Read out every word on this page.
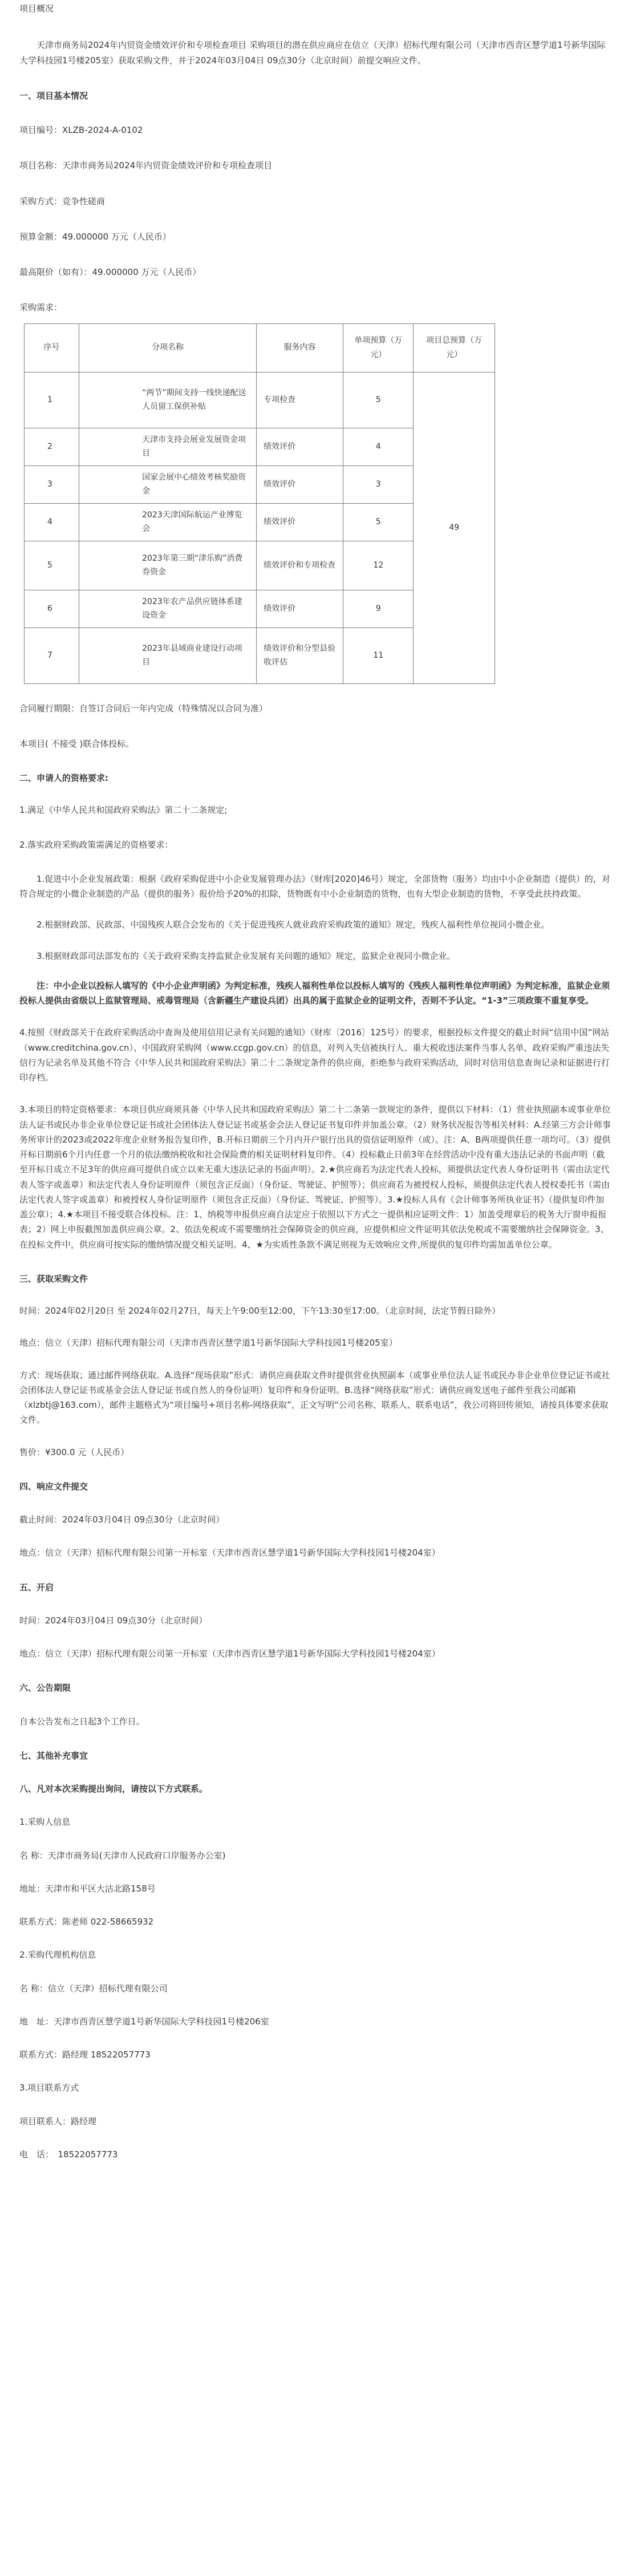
项目概况

天津市商务局2024年内贸资金绩效评价和专项检查项目 采购项目的潜在供应商应在信立（天津）招标代理有限公司（天津市西青区慧学道1号新华国际大学科技园1号楼205室）获取采购文件，并于2024年03月04日 09点30分（北京时间）前提交响应文件。

一、项目基本情况

项目编号：XLZB-2024-A-0102

项目名称：天津市商务局2024年内贸资金绩效评价和专项检查项目

采购方式：竞争性磋商

预算金额：49.000000 万元（人民币）

最高限价（如有）：49.000000 万元（人民币）

采购需求：

序号	分项名称	服务内容	单项预算（万元）	项目总预算（万元）
1	“两节”期间支持一线快递配送人员留工保供补贴	专项检查	5	49
2	天津市支持会展业发展资金项目	绩效评价	4	
3	国家会展中心绩效考核奖励资金	绩效评价	3	
4	2023天津国际航运产业博览会	绩效评价	5	
5	2023年第三期“津乐购”消费券资金	绩效评价和专项检查	12	
6	2023年农产品供应链体系建设资金	绩效评价	9	
7	2023年县域商业建设行动项目	绩效评价和分型县验收评估	11	

合同履行期限：自签订合同后一年内完成（特殊情况以合同为准）

本项目( 不接受 )联合体投标。

二、申请人的资格要求:

1.满足《中华人民共和国政府采购法》第二十二条规定;

2.落实政府采购政策需满足的资格要求：

1.促进中小企业发展政策：根据《政府采购促进中小企业发展管理办法》（财库[2020]46号）规定，全部货物（服务）均由中小企业制造（提供）的，对符合规定的小微企业制造的产品（提供的服务）报价给予20%的扣除，货物既有中小企业制造的货物，也有大型企业制造的货物，不享受此扶持政策。

2.根据财政部、民政部、中国残疾人联合会发布的《关于促进残疾人就业政府采购政策的通知》规定，残疾人福利性单位视同小微企业。

3.根据财政部司法部发布的《关于政府采购支持监狱企业发展有关问题的通知》规定，监狱企业视同小微企业。

注：中小企业以投标人填写的《中小企业声明函》为判定标准，残疾人福利性单位以投标人填写的《残疾人福利性单位声明函》为判定标准，监狱企业须投标人提供由省级以上监狱管理局、戒毒管理局（含新疆生产建设兵团）出具的属于监狱企业的证明文件，否则不予认定。“1-3”三项政策不重复享受。

4.按照《财政部关于在政府采购活动中查询及使用信用记录有关问题的通知》（财库〔2016〕125号）的要求，根据投标文件提交的截止时间“信用中国”网站（www.creditchina.gov.cn）、中国政府采购网（www.ccgp.gov.cn）的信息，对列入失信被执行人、重大税收违法案件当事人名单、政府采购严重违法失信行为记录名单及其他不符合《中华人民共和国政府采购法》第二十二条规定条件的供应商，拒绝参与政府采购活动，同时对信用信息查询记录和证据进行打印存档。

3.本项目的特定资格要求：本项目供应商须具备《中华人民共和国政府采购法》第二十二条第一款规定的条件，提供以下材料：（1）营业执照副本或事业单位法人证书或民办非企业单位登记证书或社会团体法人登记证书或基金会法人登记证书复印件并加盖公章。（2）财务状况报告等相关材料：A.经第三方会计师事务所审计的2023或2022年度企业财务报告复印件，B.开标日期前三个月内开户银行出具的资信证明原件（或）。注：A、B两项提供任意一项均可。（3）提供开标日期前6个月内任意一个月的依法缴纳税收和社会保险费的相关证明材料复印件。（4）投标截止日前3年在经营活动中没有重大违法记录的书面声明（截至开标日成立不足3年的供应商可提供自成立以来无重大违法记录的书面声明）。2.★供应商若为法定代表人投标，须提供法定代表人身份证明书（需由法定代表人签字或盖章）和法定代表人身份证明原件（须包含正反面）（身份证、驾驶证、护照等）；供应商若为被授权人投标，须提供法定代表人授权委托书（需由法定代表人签字或盖章）和被授权人身份证明原件（须包含正反面）（身份证、驾驶证、护照等）。3.★投标人具有《会计师事务所执业证书》（提供复印件加盖公章）；4.★本项目不接受联合体投标。注：1、纳税等申报供应商自法定应于依照以下方式之一提供相应证明文件：1）加盖受理章后的税务大厅窗申报报表；2）网上申报截图加盖供应商公章。2、依法免税或不需要缴纳社会保障资金的供应商，应提供相应文件证明其依法免税或不需要缴纳社会保障资金。3、在投标文件中，供应商可按实际的缴纳情况提交相关证明。4、★为实质性条款不满足则视为无效响应文件,所提供的复印件均需加盖单位公章。

三、获取采购文件

时间：2024年02月20日 至 2024年02月27日，每天上午9:00至12:00，下午13:30至17:00。（北京时间，法定节假日除外）

地点：信立（天津）招标代理有限公司（天津市西青区慧学道1号新华国际大学科技园1号楼205室）

方式：现场获取；通过邮件网络获取。A.选择“现场获取”形式：请供应商获取文件时提供营业执照副本（或事业单位法人证书或民办非企业单位登记证书或社会团体法人登记证书或基金会法人登记证书或自然人的身份证明）复印件和身份证明。B.选择“网络获取”形式：请供应商发送电子邮件至我公司邮箱（xlzbtj@163.com），邮件主题格式为“项目编号+项目名称-网络获取”，正文写明“公司名称、联系人、联系电话”，我公司将回传须知，请按具体要求获取文件。

售价：¥300.0 元（人民币）

四、响应文件提交

截止时间：2024年03月04日 09点30分（北京时间）

地点：信立（天津）招标代理有限公司第一开标室（天津市西青区慧学道1号新华国际大学科技园1号楼204室）

五、开启

时间：2024年03月04日 09点30分（北京时间）

地点：信立（天津）招标代理有限公司第一开标室（天津市西青区慧学道1号新华国际大学科技园1号楼204室）

六、公告期限

自本公告发布之日起3个工作日。

七、其他补充事宜

八、凡对本次采购提出询问，请按以下方式联系。

1.采购人信息

名 称：天津市商务局(天津市人民政府口岸服务办公室)

地址：天津市和平区大沽北路158号

联系方式：陈老师 022-58665932

2.采购代理机构信息

名 称：信立（天津）招标代理有限公司

地　址：天津市西青区慧学道1号新华国际大学科技园1号楼206室

联系方式：路经理 18522057773

3.项目联系方式

项目联系人：路经理

电　话：　18522057773
